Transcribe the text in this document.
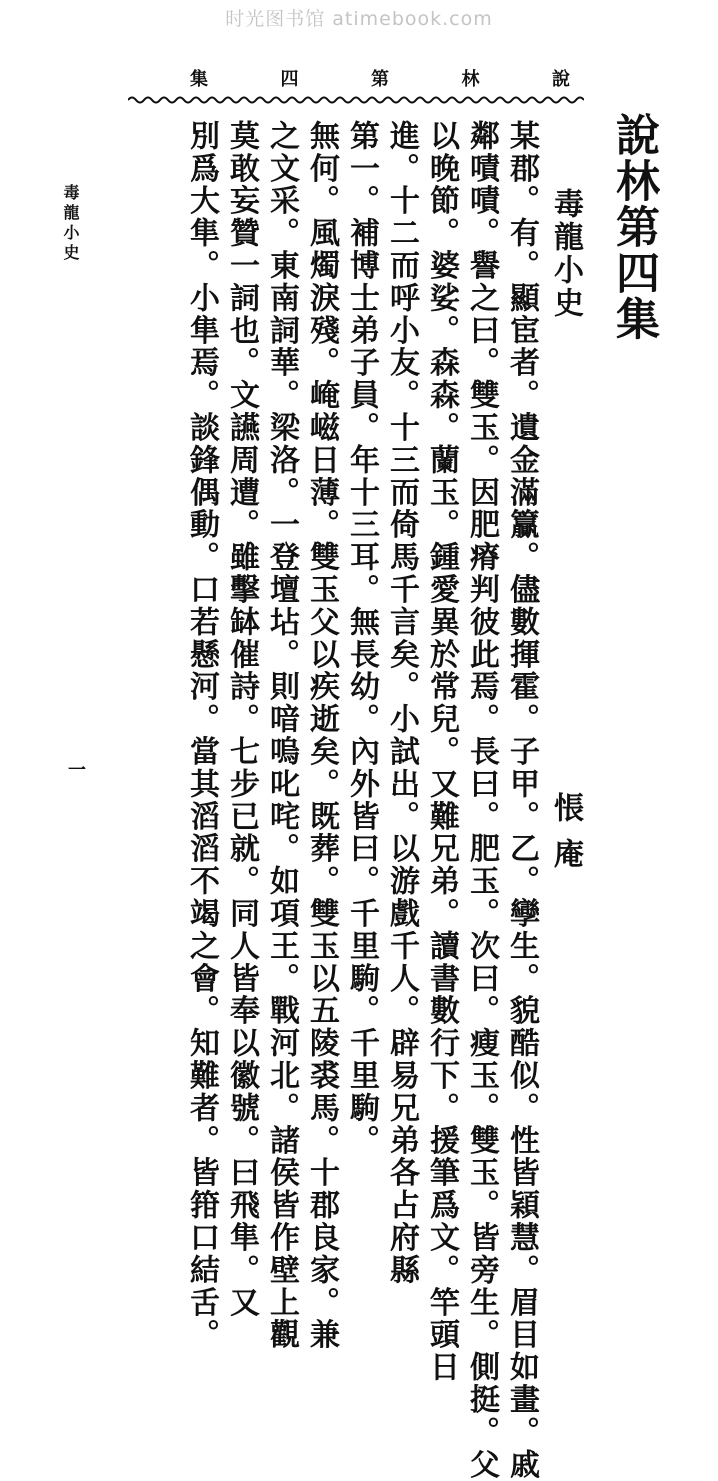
时光图书馆 atimebook.com
集	四	第	林	說
說林第四集
毒龍小史
悵庵
某郡。有。顯宦者。遺金滿籯。儘數揮霍。子甲。乙。孿生。貌酷似。性皆穎慧。眉目如畫。戚
鄰嘖嘖。譽之曰。雙玉。因肥瘠判彼此焉。長曰。肥玉。次曰。瘦玉。雙玉。皆旁生。側挺。父
以晚節。婆娑。森森。蘭玉。鍾愛異於常兒。又難兄弟。讀書數行下。援筆爲文。竿頭日
進。十二而呼小友。十三而倚馬千言矣。小試出。以游戲千人。辟易兄弟各占府縣
第一。補博士弟子員。年十三耳。無長幼。內外皆曰。千里駒。千里駒。
無何。風燭淚殘。崦嵫日薄。雙玉父以疾逝矣。既葬。雙玉以五陵裘馬。十郡良家。兼
之文采。東南詞華。梁洛。一登壇坫。則喑嗚叱咤。如項王。戰河北。諸侯皆作壁上觀
莫敢妄贊一詞也。文讌周遭。雖擊缽催詩。七步已就。同人皆奉以徽號。曰飛隼。又
別爲大隼。小隼焉。談鋒偶動。口若懸河。當其滔滔不竭之會。知難者。皆箝口結舌。
毒龍小史
一
